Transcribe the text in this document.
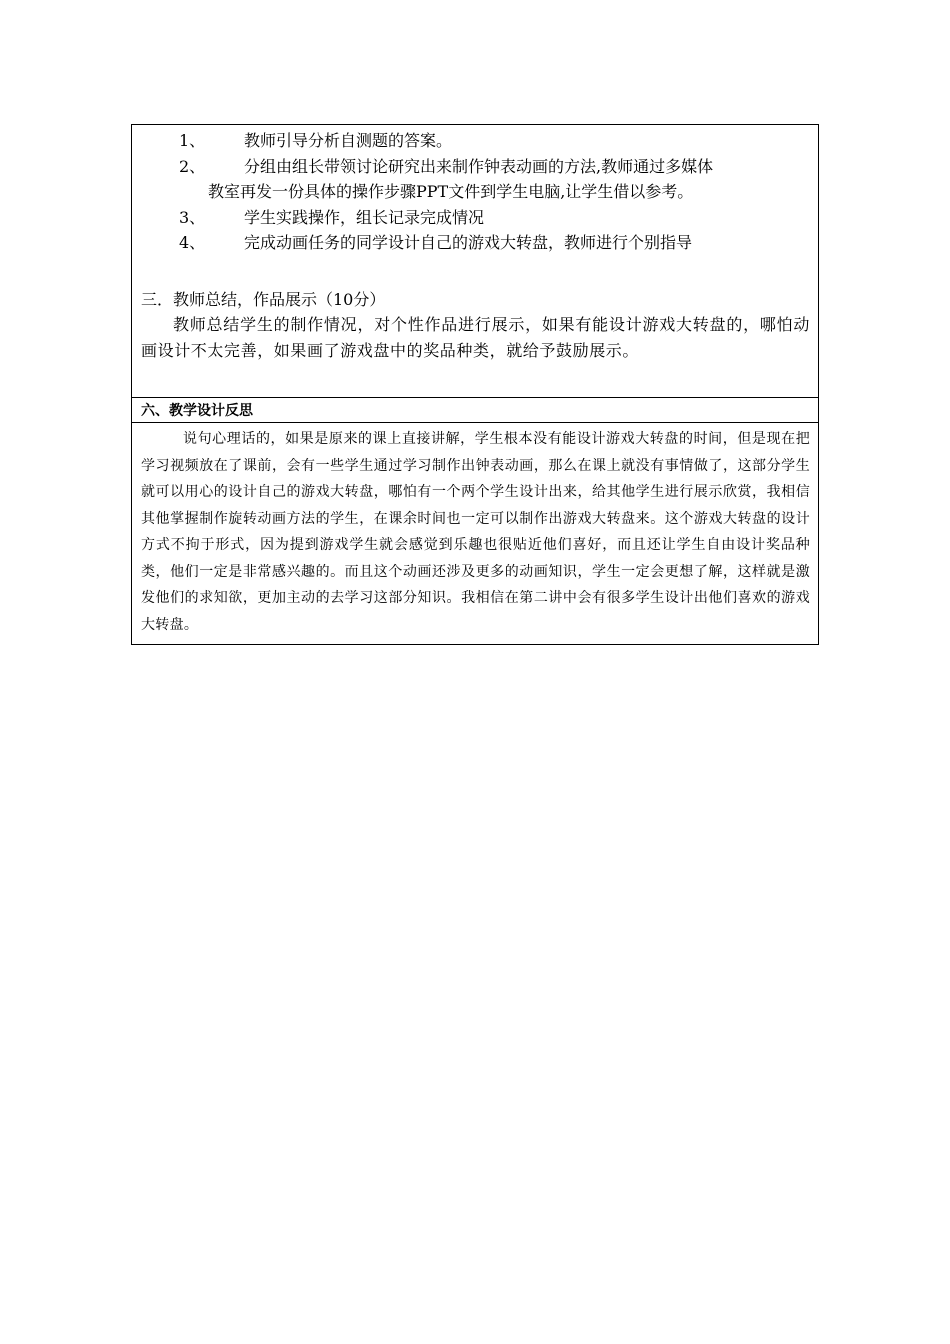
1、	教师引导分析自测题的答案。
2、	分组由组长带领讨论研究出来制作钟表动画的方法,教师通过多媒体
教室再发一份具体的操作步骤PPT文件到学生电脑,让学生借以参考。
3、	学生实践操作，组长记录完成情况
4、	完成动画任务的同学设计自己的游戏大转盘，教师进行个别指导
三．教师总结，作品展示（10分）
教师总结学生的制作情况，对个性作品进行展示，如果有能设计游戏大转盘的，哪怕动画设计不太完善，如果画了游戏盘中的奖品种类，就给予鼓励展示。
六、教学设计反思
说句心理话的，如果是原来的课上直接讲解，学生根本没有能设计游戏大转盘的时间，但是现在把学习视频放在了课前，会有一些学生通过学习制作出钟表动画，那么在课上就没有事情做了，这部分学生就可以用心的设计自己的游戏大转盘，哪怕有一个两个学生设计出来，给其他学生进行展示欣赏，我相信其他掌握制作旋转动画方法的学生，在课余时间也一定可以制作出游戏大转盘来。这个游戏大转盘的设计方式不拘于形式，因为提到游戏学生就会感觉到乐趣也很贴近他们喜好，而且还让学生自由设计奖品种类，他们一定是非常感兴趣的。而且这个动画还涉及更多的动画知识，学生一定会更想了解，这样就是激发他们的求知欲，更加主动的去学习这部分知识。我相信在第二讲中会有很多学生设计出他们喜欢的游戏大转盘。
